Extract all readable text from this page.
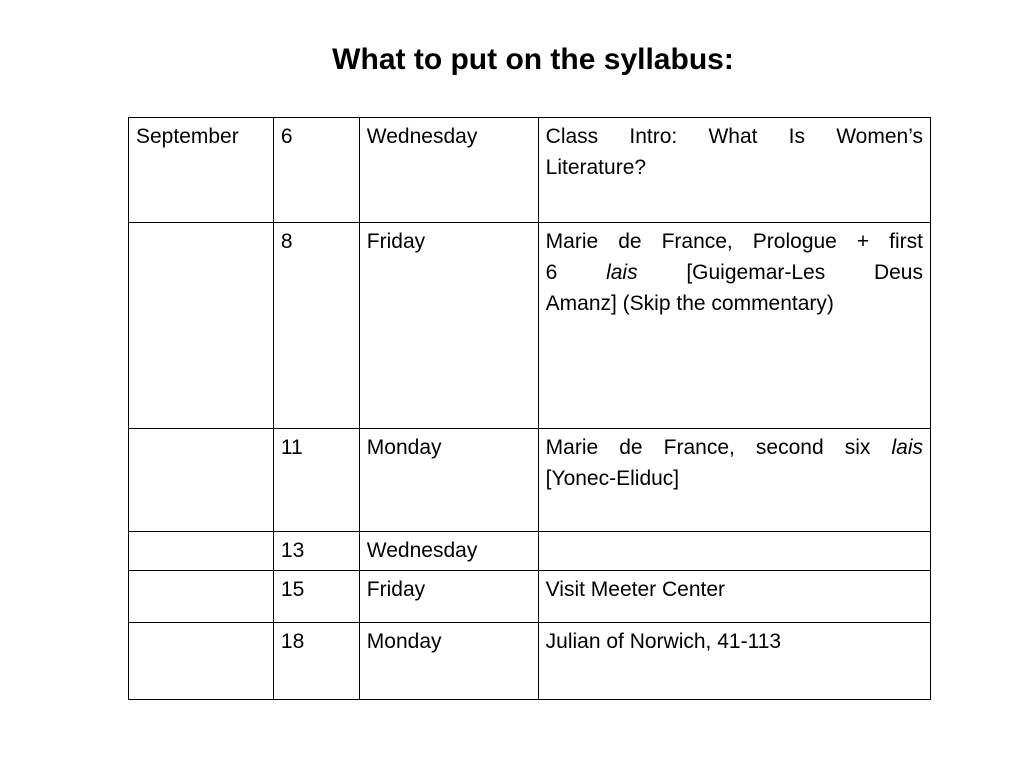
What to put on the syllabus:
September	6	Wednesday	Class Intro: What Is Women’s
Literature?

	8	Friday	Marie de France, Prologue + first
6 lais [Guigemar-Les Deus
Amanz] (Skip the commentary)

	11	Monday	Marie de France, second six lais
[Yonec-Eliduc]

	13	Wednesday	
	15	Friday	Visit Meeter Center
	18	Monday	Julian of Norwich, 41-113
